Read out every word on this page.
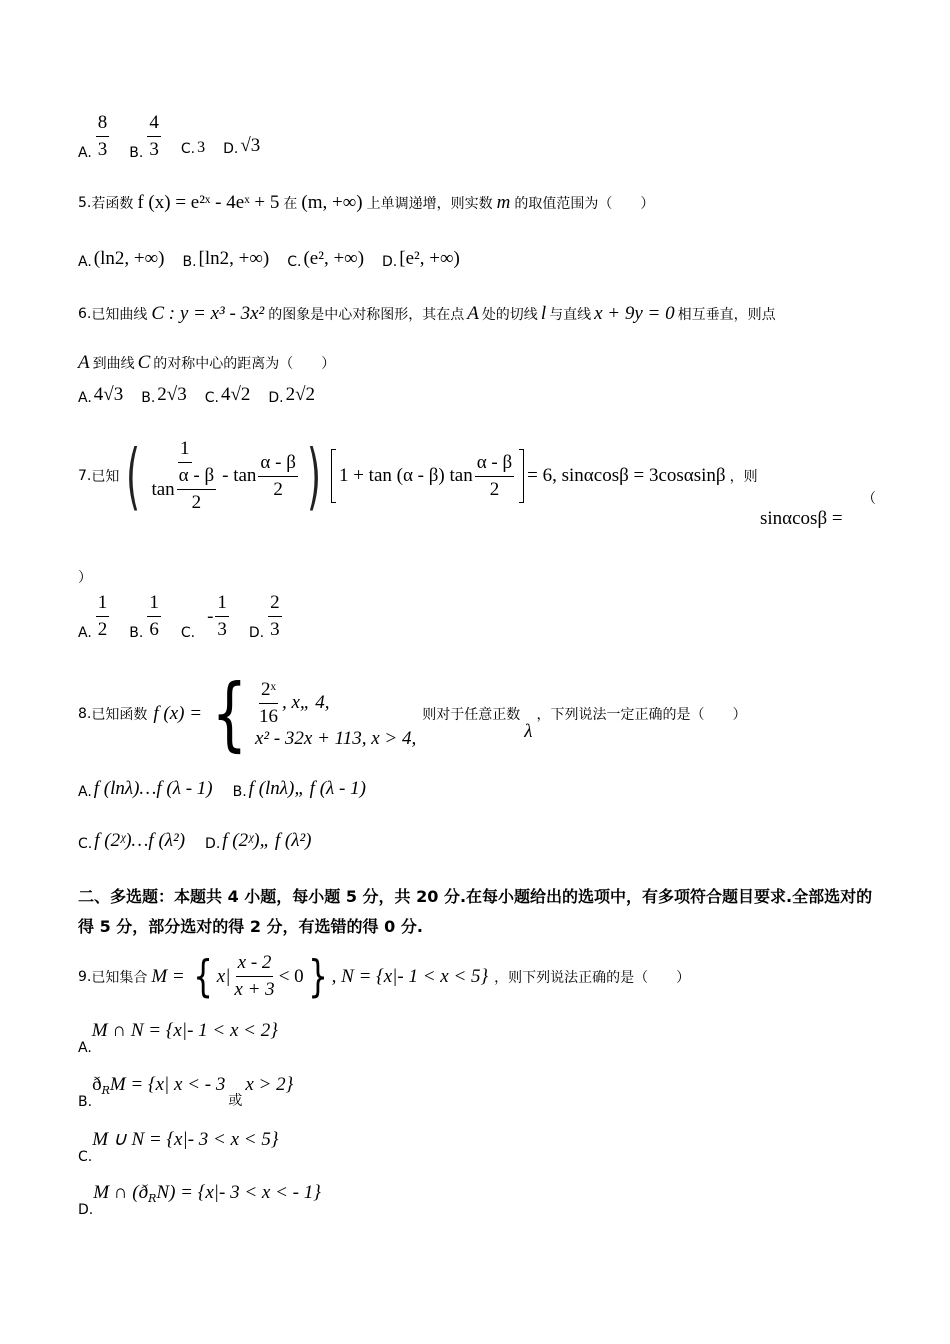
A. $\frac{8}{3} B$. $\frac{4}{3} C$. 3 D. √3
5. 若函数 f (x) = e²ˣ - 4eˣ + 5 在 (m, +∞) 上单调递增，则实数 m 的取值范围为（　　）
A. (ln2, +∞) B. [ln2, +∞) C. (e², +∞) D. [e², +∞)
6. 已知曲线 C : y = x³ - 3x² 的图象是中心对称图形，其在点 A 处的切线 l 与直线 x + 9y = 0 相互垂直，则点
A 到曲线 C 的对称中心的距离为（　　）
A. 4√3 B. 2√3 C. 4√2 D. 2√2
7. 已知 ( $\frac{1}{\tan \frac{\alpha - \beta}{2}}$ - $\tan \frac{\alpha - \beta}{2}$ ) 1 + tan (α - β) $\tan \frac{\alpha - \beta}{2} = 6$, sinαcosβ = 3cosαsinβ ，则
sinαcosβ =
（
）
A. $\frac{1}{2} B$. $\frac{1}{6} C$.
- $\frac{1}{3} D$. $\frac{2}{3}$
8. 已知函数 f (x) = { $\frac{\text{2ˣ}}{16}$ , x„ 4,
x² - 32x + 113, x > 4,
则对于任意正数
λ
，下列说法一定正确的是（　　）
A. f (lnλ)…f (λ - 1) B. f (lnλ)„ f (λ - 1)
C. f (2ᵡ)…f (λ²) D. f (2ᵡ)„ f (λ²)
二、多选题：本题共 4 小题，每小题 5 分，共 20 分.在每小题给出的选项中，有多项符合题目要求.全部选对的得 5 分，部分选对的得 2 分，有选错的得 0 分.
9. 已知集合 M = { $x| \frac{x - 2}{x + 3} < 0$ } , N = {x|- 1 < x < 5} ，则下列说法正确的是（　　）
A.
M ∩ N = {x|- 1 < x < 2}
B.
ð R M = {x| x < - 3
或
x > 2}
C.
M ∪ N = {x|- 3 < x < 5}
D.
M ∩ (ð R N) = {x|- 3 < x < - 1}
